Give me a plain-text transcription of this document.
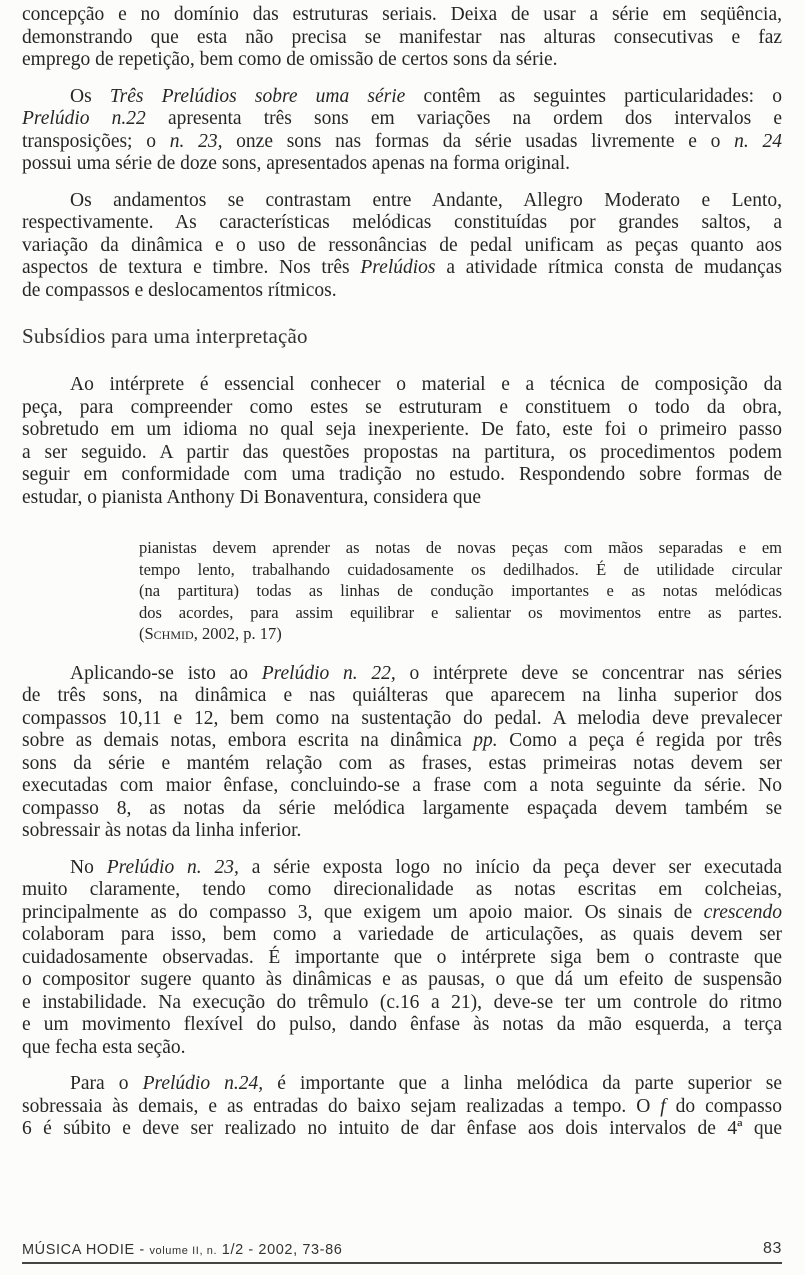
concepção e no domínio das estruturas seriais. Deixa de usar a série em seqüência,
demonstrando que esta não precisa se manifestar nas alturas consecutivas e faz
emprego de repetição, bem como de omissão de certos sons da série.
Os Três Prelúdios sobre uma série contêm as seguintes particularidades: o
Prelúdio n.22 apresenta três sons em variações na ordem dos intervalos e
transposições; o n. 23, onze sons nas formas da série usadas livremente e o n. 24
possui uma série de doze sons, apresentados apenas na forma original.
Os andamentos se contrastam entre Andante, Allegro Moderato e Lento,
respectivamente. As características melódicas constituídas por grandes saltos, a
variação da dinâmica e o uso de ressonâncias de pedal unificam as peças quanto aos
aspectos de textura e timbre. Nos três Prelúdios a atividade rítmica consta de mudanças
de compassos e deslocamentos rítmicos.
Subsídios para uma interpretação
Ao intérprete é essencial conhecer o material e a técnica de composição da
peça, para compreender como estes se estruturam e constituem o todo da obra,
sobretudo em um idioma no qual seja inexperiente. De fato, este foi o primeiro passo
a ser seguido. A partir das questões propostas na partitura, os procedimentos podem
seguir em conformidade com uma tradição no estudo. Respondendo sobre formas de
estudar, o pianista Anthony Di Bonaventura, considera que
pianistas devem aprender as notas de novas peças com mãos separadas e em
tempo lento, trabalhando cuidadosamente os dedilhados. É de utilidade circular
(na partitura) todas as linhas de condução importantes e as notas melódicas
dos acordes, para assim equilibrar e salientar os movimentos entre as partes.
(Schmid, 2002, p. 17)
Aplicando-se isto ao Prelúdio n. 22, o intérprete deve se concentrar nas séries
de três sons, na dinâmica e nas quiálteras que aparecem na linha superior dos
compassos 10,11 e 12, bem como na sustentação do pedal. A melodia deve prevalecer
sobre as demais notas, embora escrita na dinâmica pp. Como a peça é regida por três
sons da série e mantém relação com as frases, estas primeiras notas devem ser
executadas com maior ênfase, concluindo-se a frase com a nota seguinte da série. No
compasso 8, as notas da série melódica largamente espaçada devem também se
sobressair às notas da linha inferior.
No Prelúdio n. 23, a série exposta logo no início da peça dever ser executada
muito claramente, tendo como direcionalidade as notas escritas em colcheias,
principalmente as do compasso 3, que exigem um apoio maior. Os sinais de crescendo
colaboram para isso, bem como a variedade de articulações, as quais devem ser
cuidadosamente observadas. É importante que o intérprete siga bem o contraste que
o compositor sugere quanto às dinâmicas e as pausas, o que dá um efeito de suspensão
e instabilidade. Na execução do trêmulo (c.16 a 21), deve-se ter um controle do ritmo
e um movimento flexível do pulso, dando ênfase às notas da mão esquerda, a terça
que fecha esta seção.
Para o Prelúdio n.24, é importante que a linha melódica da parte superior se
sobressaia às demais, e as entradas do baixo sejam realizadas a tempo. O f do compasso
6 é súbito e deve ser realizado no intuito de dar ênfase aos dois intervalos de 4ª que
MÚSICA HODIE - volume II, n. 1/2 - 2002, 73-86	83
